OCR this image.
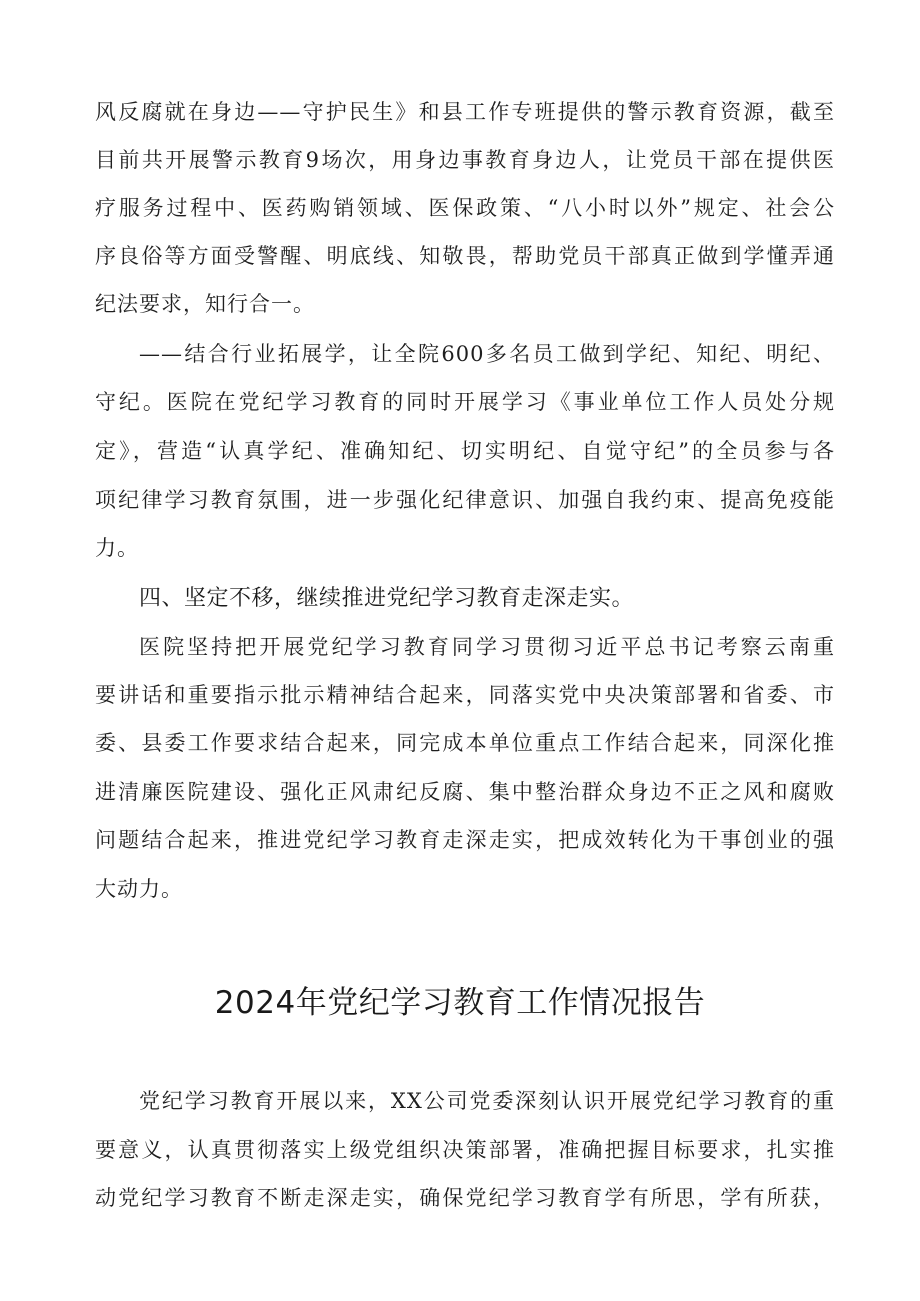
风反腐就在身边——守护民生》和县工作专班提供的警示教育资源，截至
目前共开展警示教育9场次，用身边事教育身边人，让党员干部在提供医
疗服务过程中、医药购销领域、医保政策、“八小时以外”规定、社会公
序良俗等方面受警醒、明底线、知敬畏，帮助党员干部真正做到学懂弄通
纪法要求，知行合一。
——结合行业拓展学，让全院600多名员工做到学纪、知纪、明纪、
守纪。医院在党纪学习教育的同时开展学习《事业单位工作人员处分规
定》，营造“认真学纪、准确知纪、切实明纪、自觉守纪”的全员参与各
项纪律学习教育氛围，进一步强化纪律意识、加强自我约束、提高免疫能
力。
四、坚定不移，继续推进党纪学习教育走深走实。
医院坚持把开展党纪学习教育同学习贯彻习近平总书记考察云南重
要讲话和重要指示批示精神结合起来，同落实党中央决策部署和省委、市
委、县委工作要求结合起来，同完成本单位重点工作结合起来，同深化推
进清廉医院建设、强化正风肃纪反腐、集中整治群众身边不正之风和腐败
问题结合起来，推进党纪学习教育走深走实，把成效转化为干事创业的强
大动力。
2024年党纪学习教育工作情况报告
党纪学习教育开展以来，XX公司党委深刻认识开展党纪学习教育的重
要意义，认真贯彻落实上级党组织决策部署，准确把握目标要求，扎实推
动党纪学习教育不断走深走实，确保党纪学习教育学有所思，学有所获，
